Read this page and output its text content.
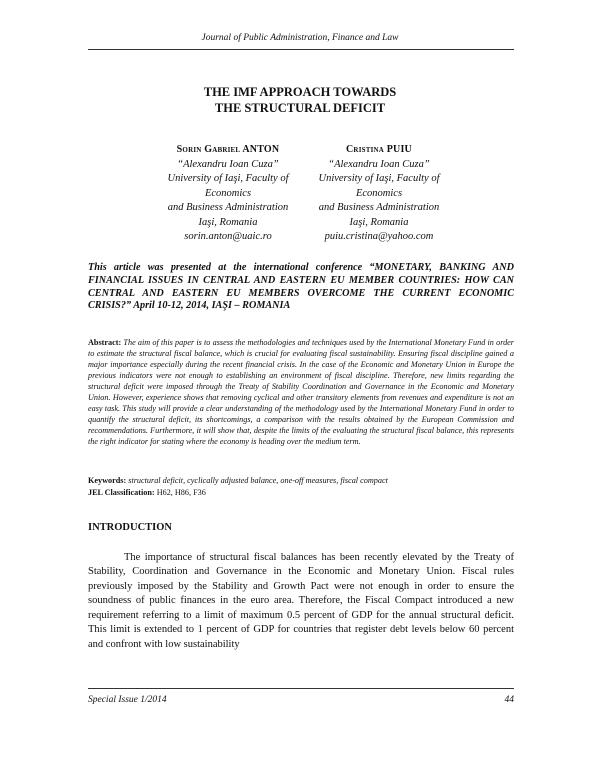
Journal of Public Administration, Finance and Law
THE IMF APPROACH TOWARDS
THE STRUCTURAL DEFICIT
Sorin Gabriel ANTON
“Alexandru Ioan Cuza”
University of Iaşi, Faculty of
Economics
and Business Administration
Iaşi, Romania
sorin.anton@uaic.ro
Cristina PUIU
“Alexandru Ioan Cuza”
University of Iaşi, Faculty of
Economics
and Business Administration
Iaşi, Romania
puiu.cristina@yahoo.com
This article was presented at the international conference “MONETARY, BANKING AND FINANCIAL ISSUES IN CENTRAL AND EASTERN EU MEMBER COUNTRIES: HOW CAN CENTRAL AND EASTERN EU MEMBERS OVERCOME THE CURRENT ECONOMIC CRISIS?” April 10-12, 2014, IAŞI – ROMANIA
Abstract: The aim of this paper is to assess the methodologies and techniques used by the International Monetary Fund in order to estimate the structural fiscal balance, which is crucial for evaluating fiscal sustainability. Ensuring fiscal discipline gained a major importance especially during the recent financial crisis. In the case of the Economic and Monetary Union in Europe the previous indicators were not enough to establishing an environment of fiscal discipline. Therefore, new limits regarding the structural deficit were imposed through the Treaty of Stability Coordination and Governance in the Economic and Monetary Union. However, experience shows that removing cyclical and other transitory elements from revenues and expenditure is not an easy task. This study will provide a clear understanding of the methodology used by the International Monetary Fund in order to quantify the structural deficit, its shortcomings, a comparison with the results obtained by the European Commission and recommendations. Furthermore, it will show that, despite the limits of the evaluating the structural fiscal balance, this represents the right indicator for stating where the economy is heading over the medium term.
Keywords: structural deficit, cyclically adjusted balance, one-off measures, fiscal compact
JEL Classification: H62, H86, F36
INTRODUCTION

The importance of structural fiscal balances has been recently elevated by the Treaty of Stability, Coordination and Governance in the Economic and Monetary Union. Fiscal rules previously imposed by the Stability and Growth Pact were not enough in order to ensure the soundness of public finances in the euro area. Therefore, the Fiscal Compact introduced a new requirement referring to a limit of maximum 0.5 percent of GDP for the annual structural deficit. This limit is extended to 1 percent of GDP for countries that register debt levels below 60 percent and confront with low sustainability

Special Issue 1/2014	44
